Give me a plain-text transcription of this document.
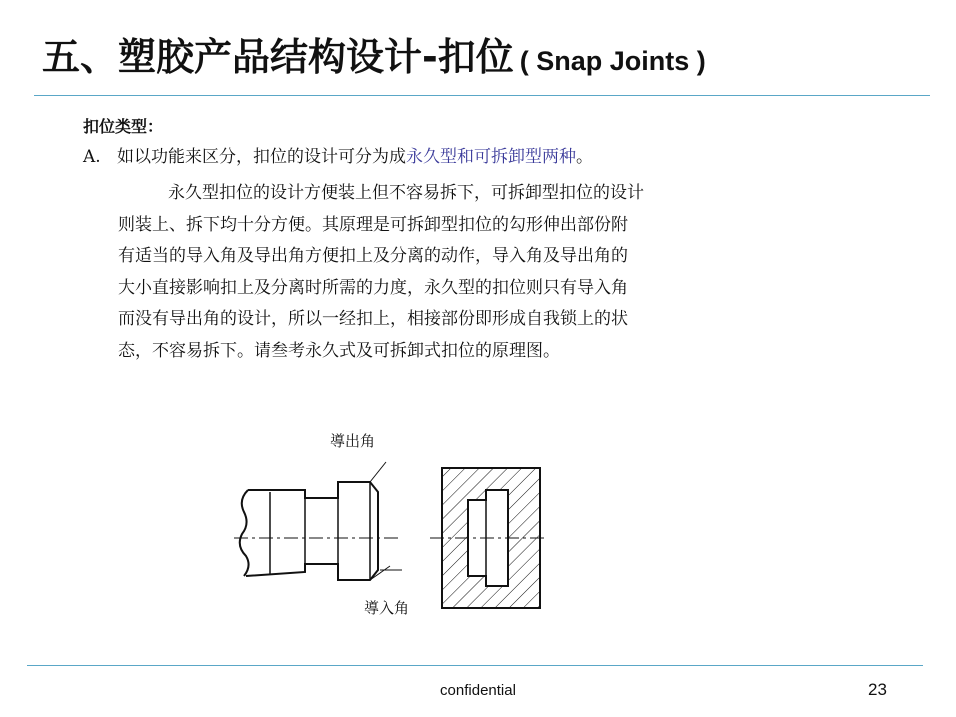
五、塑胶产品结构设计-扣位 ( Snap Joints )
扣位类型：
A. 如以功能来区分，扣位的设计可分为成永久型和可拆卸型两种。
永久型扣位的设计方便装上但不容易拆下，可拆卸型扣位的设计
则装上、拆下均十分方便。其原理是可拆卸型扣位的勾形伸出部份附
有适当的导入角及导出角方便扣上及分离的动作，导入角及导出角的
大小直接影响扣上及分离时所需的力度，永久型的扣位则只有导入角
而没有导出角的设计，所以一经扣上，相接部份即形成自我锁上的状
态，不容易拆下。请叁考永久式及可拆卸式扣位的原理图。
導出角
導入角
confidential	23
